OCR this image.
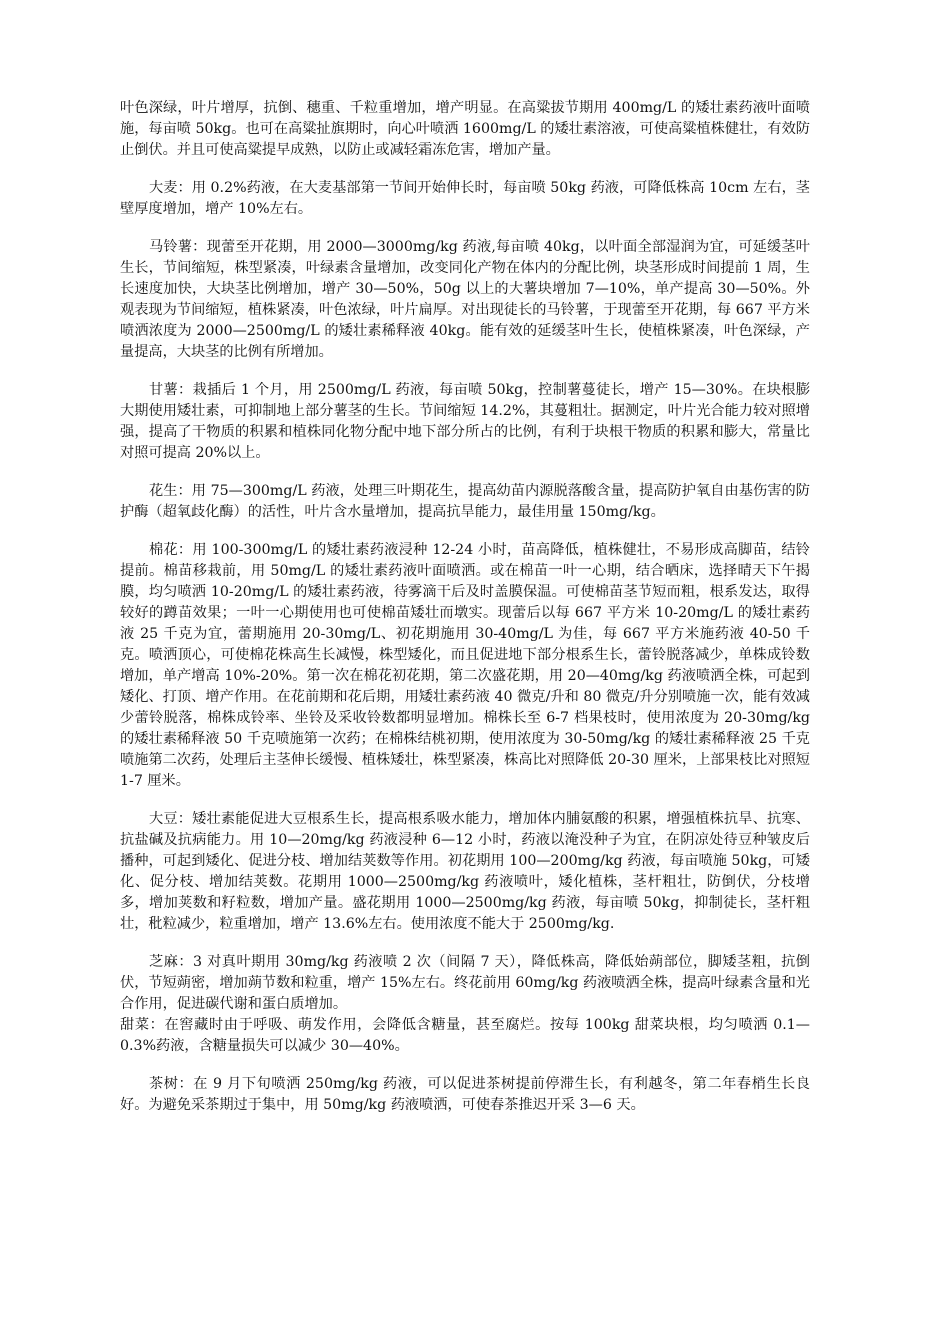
叶色深绿，叶片增厚，抗倒、穗重、千粒重增加，增产明显。在高粱拔节期用 400mg/L 的矮壮素药液叶面喷施，每亩喷 50kg。也可在高粱扯旗期时，向心叶喷洒 1600mg/L 的矮壮素溶液，可使高粱植株健壮，有效防止倒伏。并且可使高粱提早成熟，以防止或减轻霜冻危害，增加产量。

大麦：用 0.2%药液，在大麦基部第一节间开始伸长时，每亩喷 50kg 药液，可降低株高 10cm 左右，茎壁厚度增加，增产 10%左右。

马铃薯：现蕾至开花期，用 2000—3000mg/kg 药液,每亩喷 40kg，以叶面全部湿润为宜，可延缓茎叶生长，节间缩短，株型紧凑，叶绿素含量增加，改变同化产物在体内的分配比例，块茎形成时间提前 1 周，生长速度加快，大块茎比例增加，增产 30—50%，50g 以上的大薯块增加 7—10%，单产提高 30—50%。外观表现为节间缩短，植株紧凑，叶色浓绿，叶片扁厚。对出现徒长的马铃薯，于现蕾至开花期，每 667 平方米喷洒浓度为 2000—2500mg/L 的矮壮素稀释液 40kg。能有效的延缓茎叶生长，使植株紧凑，叶色深绿，产量提高，大块茎的比例有所增加。

甘薯：栽插后 1 个月，用 2500mg/L 药液，每亩喷 50kg，控制薯蔓徒长，增产 15—30%。在块根膨大期使用矮壮素，可抑制地上部分薯茎的生长。节间缩短 14.2%，其蔓粗壮。据测定，叶片光合能力较对照增强，提高了干物质的积累和植株同化物分配中地下部分所占的比例，有利于块根干物质的积累和膨大，常量比对照可提高 20%以上。

花生：用 75—300mg/L 药液，处理三叶期花生，提高幼苗内源脱落酸含量，提高防护氧自由基伤害的防护酶（超氧歧化酶）的活性，叶片含水量增加，提高抗旱能力，最佳用量 150mg/kg。

棉花：用 100-300mg/L 的矮壮素药液浸种 12-24 小时，苗高降低，植株健壮，不易形成高脚苗，结铃提前。棉苗移栽前，用 50mg/L 的矮壮素药液叶面喷洒。或在棉苗一叶一心期，结合晒床，选择晴天下午揭膜，均匀喷洒 10-20mg/L 的矮壮素药液，待雾滴干后及时盖膜保温。可使棉苗茎节短而粗，根系发达，取得较好的蹲苗效果；一叶一心期使用也可使棉苗矮壮而墩实。现蕾后以每 667 平方米 10-20mg/L 的矮壮素药液 25 千克为宜，蕾期施用 20-30mg/L、初花期施用 30-40mg/L 为佳，每 667 平方米施药液 40-50 千克。喷洒顶心，可使棉花株高生长减慢，株型矮化，而且促进地下部分根系生长，蕾铃脱落减少，单株成铃数增加，单产增高 10%-20%。第一次在棉花初花期，第二次盛花期，用 20—40mg/kg 药液喷洒全株，可起到矮化、打顶、增产作用。在花前期和花后期，用矮壮素药液 40 微克/升和 80 微克/升分别喷施一次，能有效减少蕾铃脱落，棉株成铃率、坐铃及采收铃数都明显增加。棉株长至 6-7 档果枝时，使用浓度为 20-30mg/kg 的矮壮素稀释液 50 千克喷施第一次药；在棉株结桃初期，使用浓度为 30-50mg/kg 的矮壮素稀释液 25 千克喷施第二次药，处理后主茎伸长缓慢、植株矮壮，株型紧凑，株高比对照降低 20-30 厘米，上部果枝比对照短 1-7 厘米。

大豆：矮壮素能促进大豆根系生长，提高根系吸水能力，增加体内脯氨酸的积累，增强植株抗旱、抗寒、抗盐碱及抗病能力。用 10—20mg/kg 药液浸种 6—12 小时，药液以淹没种子为宜，在阴凉处待豆种皱皮后播种，可起到矮化、促进分枝、增加结荚数等作用。初花期用 100—200mg/kg 药液，每亩喷施 50kg，可矮化、促分枝、增加结荚数。花期用 1000—2500mg/kg 药液喷叶，矮化植株，茎杆粗壮，防倒伏，分枝增多，增加荚数和籽粒数，增加产量。盛花期用 1000—2500mg/kg 药液，每亩喷 50kg，抑制徒长，茎杆粗壮，秕粒减少，粒重增加，增产 13.6%左右。使用浓度不能大于 2500mg/kg.

芝麻：3 对真叶期用 30mg/kg 药液喷 2 次（间隔 7 天），降低株高，降低始蒴部位，脚矮茎粗，抗倒伏，节短蒴密，增加蒴节数和粒重，增产 15%左右。终花前用 60mg/kg 药液喷洒全株，提高叶绿素含量和光合作用，促进碳代谢和蛋白质增加。

甜菜：在窖藏时由于呼吸、萌发作用，会降低含糖量，甚至腐烂。按每 100kg 甜菜块根，均匀喷洒 0.1—0.3%药液，含糖量损失可以减少 30—40%。

茶树：在 9 月下旬喷洒 250mg/kg 药液，可以促进茶树提前停滞生长，有利越冬，第二年春梢生长良好。为避免采茶期过于集中，用 50mg/kg 药液喷洒，可使春茶推迟开采 3—6 天。
